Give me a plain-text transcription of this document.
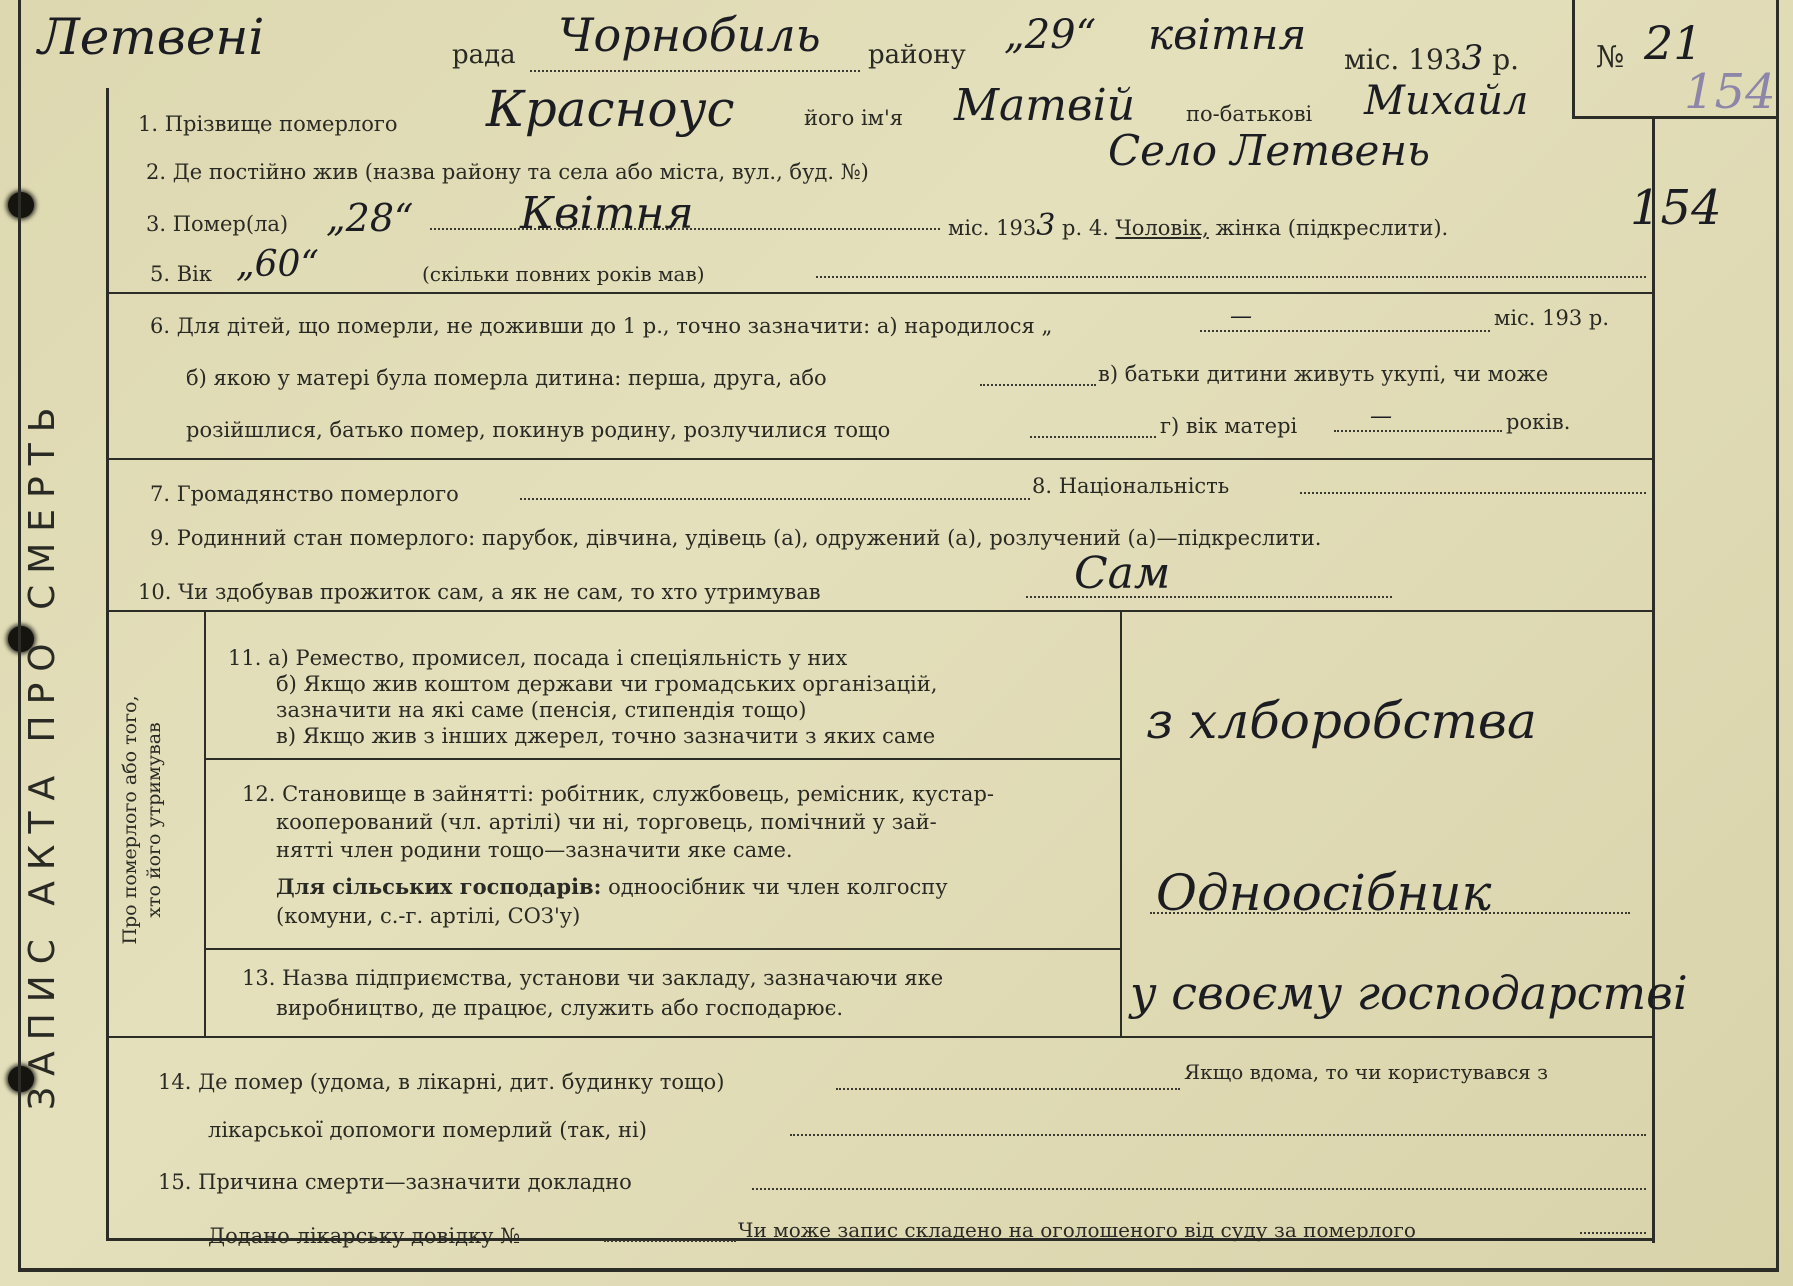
ЗАПИС АКТА ПРО СМЕРТЬ	Про померлого або того, хто його утримував
Летвені	рада Чорнобиль району „29“ квітня
міс. 1933 р.	№ 21
154
154
1. Прізвище померлого Красноус	його ім'я Матвій по-батькові Михайл
2. Де постійно жив (назва району та села або міста, вул., буд. №)	Село Летвень
3. Помер(ла) „28“ Квітня	міс. 1933 р. 4. Чоловік, жінка (підкреслити).
5. Вік „60“	(скільки повних років мав)
6. Для дітей, що померли, не доживши до 1 р., точно зазначити: а) народилося „	—	міс. 193 р.
б) якою у матері була померла дитина: перша, друга, або	в) батьки дитини живуть укупі, чи може
розійшлися, батько помер, покинув родину, розлучилися тощо	г) вік матері	—	років.
7. Громадянство померлого	8. Національність
9. Родинний стан померлого: парубок, дівчина, удівець (а), одружений (а), розлучений (а)—підкреслити.
10. Чи здобував прожиток сам, а як не сам, то хто утримував	Сам
11. а) Ремество, промисел, посада і спеціяльність у них
б) Якщо жив коштом держави чи громадських організацій,
зазначити на які саме (пенсія, стипендія тощо)
в) Якщо жив з інших джерел, точно зазначити з яких саме	з хлборобства
12. Становище в зайнятті: робітник, службовець, ремісник, кустар-
кооперований (чл. артілі) чи ні, торговець, помічний у зай-
нятті член родини тощо—зазначити яке саме.
Для сільських господарів: одноосібник чи член колгоспу
(комуни, с.-г. артілі, СОЗ'у)	Одноосібник
13. Назва підприємства, установи чи закладу, зазначаючи яке
виробництво, де працює, служить або господарює.	у своєму господарстві
14. Де помер (удома, в лікарні, дит. будинку тощо)	Якщо вдома, то чи користувався з
лікарської допомоги померлий (так, ні)
15. Причина смерти—зазначити докладно
Додано лікарську довідку №	Чи може запис складено на оголошеного від суду за померлого
